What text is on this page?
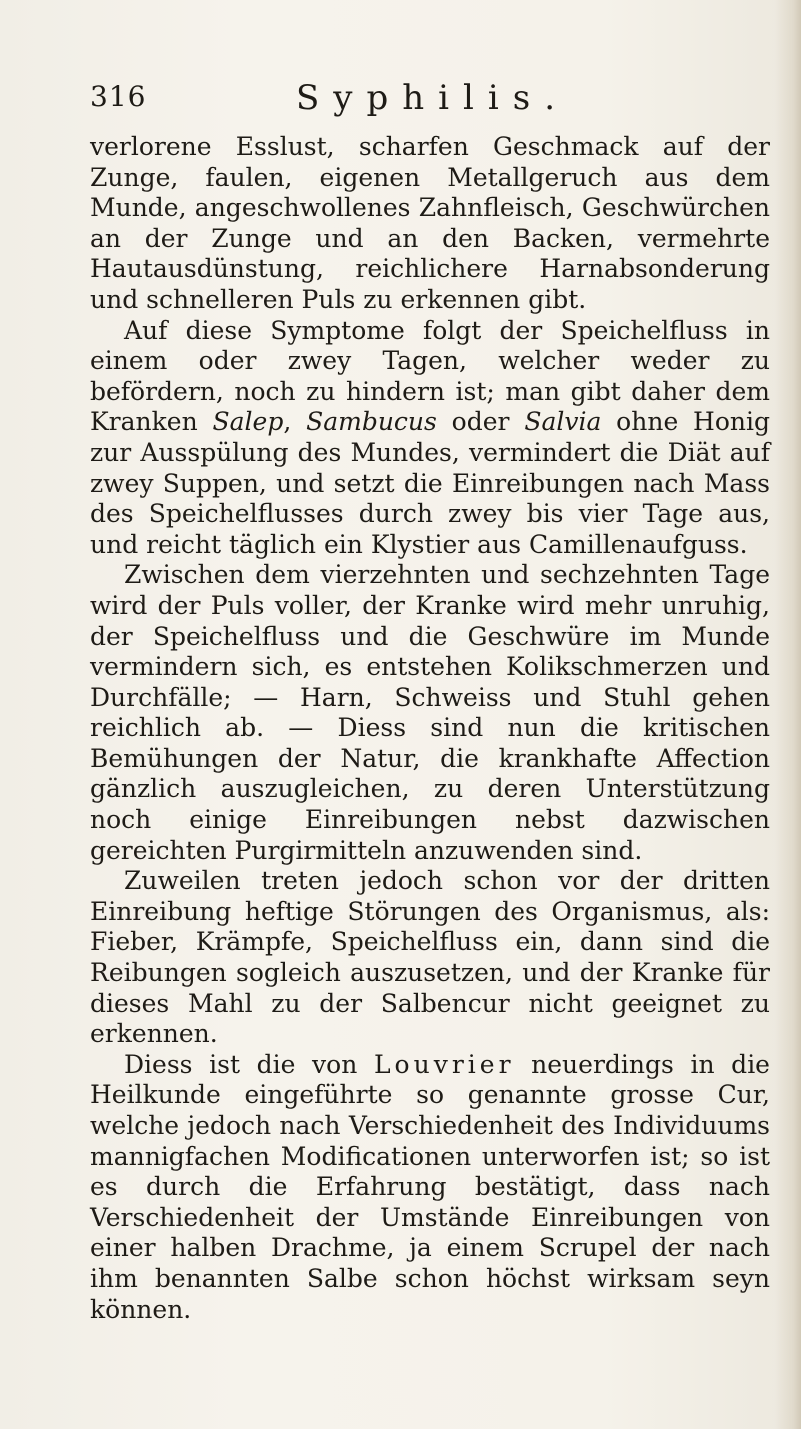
316	Syphilis.

verlorene Esslust, scharfen Geschmack auf der Zunge, faulen, eigenen Metallgeruch aus dem Munde, angeschwollenes Zahnfleisch, Geschwürchen an der Zunge und an den Backen, vermehrte Hautausdünstung, reichlichere Harnabsonderung und schnelleren Puls zu erkennen gibt.

Auf diese Symptome folgt der Speichelfluss in einem oder zwey Tagen, welcher weder zu befördern, noch zu hindern ist; man gibt daher dem Kranken Salep, Sambucus oder Salvia ohne Honig zur Ausspülung des Mundes, vermindert die Diät auf zwey Suppen, und setzt die Einreibungen nach Mass des Speichelflusses durch zwey bis vier Tage aus, und reicht täglich ein Klystier aus Camillenaufguss.

Zwischen dem vierzehnten und sechzehnten Tage wird der Puls voller, der Kranke wird mehr unruhig, der Speichelfluss und die Geschwüre im Munde vermindern sich, es entstehen Kolikschmerzen und Durchfälle; — Harn, Schweiss und Stuhl gehen reichlich ab. — Diess sind nun die kritischen Bemühungen der Natur, die krankhafte Affection gänzlich auszugleichen, zu deren Unterstützung noch einige Einreibungen nebst dazwischen gereichten Purgirmitteln anzuwenden sind.

Zuweilen treten jedoch schon vor der dritten Einreibung heftige Störungen des Organismus, als: Fieber, Krämpfe, Speichelfluss ein, dann sind die Reibungen sogleich auszusetzen, und der Kranke für dieses Mahl zu der Salbencur nicht geeignet zu erkennen.

Diess ist die von Louvrier neuerdings in die Heilkunde eingeführte so genannte grosse Cur, welche jedoch nach Verschiedenheit des Individuums mannigfachen Modificationen unterworfen ist; so ist es durch die Erfahrung bestätigt, dass nach Verschiedenheit der Umstände Einreibungen von einer halben Drachme, ja einem Scrupel der nach ihm benannten Salbe schon höchst wirksam seyn können.
